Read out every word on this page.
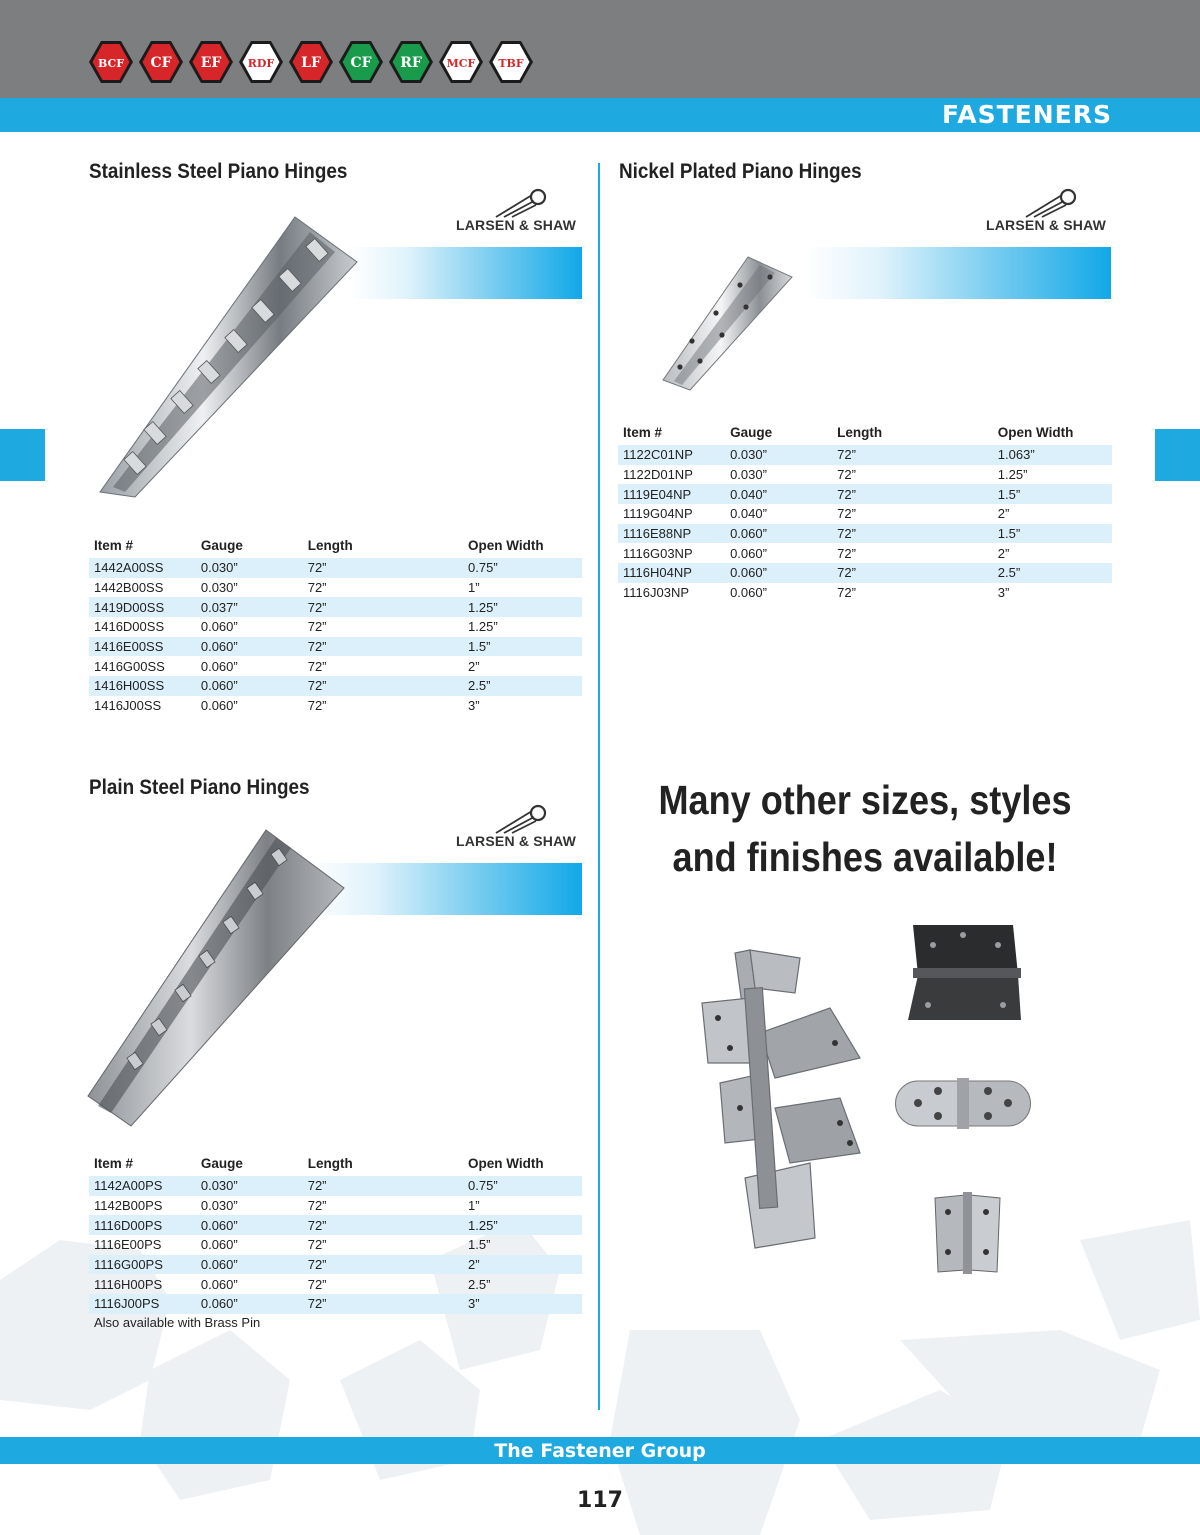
BCF CF EF RDF LF CF RF MCF TBF
FASTENERS
Stainless Steel Piano Hinges
LARSEN & SHAW
Item #	Gauge	Length	Open Width
1442A00SS	0.030”	72”	0.75”
1442B00SS	0.030”	72”	1”
1419D00SS	0.037”	72”	1.25”
1416D00SS	0.060”	72”	1.25”
1416E00SS	0.060”	72”	1.5”
1416G00SS	0.060”	72”	2”
1416H00SS	0.060”	72”	2.5”
1416J00SS	0.060”	72”	3”
Nickel Plated Piano Hinges
LARSEN & SHAW
Item #	Gauge	Length	Open Width
1122C01NP	0.030”	72”	1.063”
1122D01NP	0.030”	72”	1.25”
1119E04NP	0.040”	72”	1.5”
1119G04NP	0.040”	72”	2”
1116E88NP	0.060”	72”	1.5”
1116G03NP	0.060”	72”	2”
1116H04NP	0.060”	72”	2.5”
1116J03NP	0.060”	72”	3”
Plain Steel Piano Hinges
LARSEN & SHAW
Item #	Gauge	Length	Open Width
1142A00PS	0.030”	72”	0.75”
1142B00PS	0.030”	72”	1”
1116D00PS	0.060”	72”	1.25”
1116E00PS	0.060”	72”	1.5”
1116G00PS	0.060”	72”	2”
1116H00PS	0.060”	72”	2.5”
1116J00PS	0.060”	72”	3”
Also available with Brass Pin
Many other sizes, styles
and finishes available!
The Fastener Group
117
